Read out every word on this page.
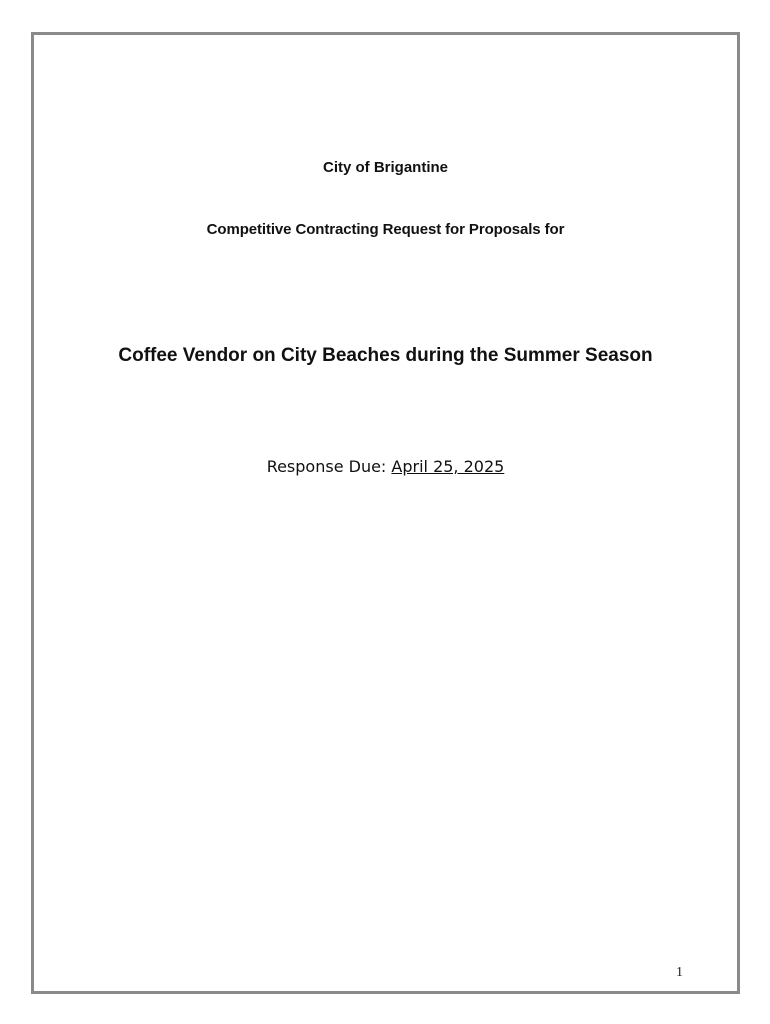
City of Brigantine
Competitive Contracting Request for Proposals for
Coffee Vendor on City Beaches during the Summer Season
Response Due: April 25, 2025
1
